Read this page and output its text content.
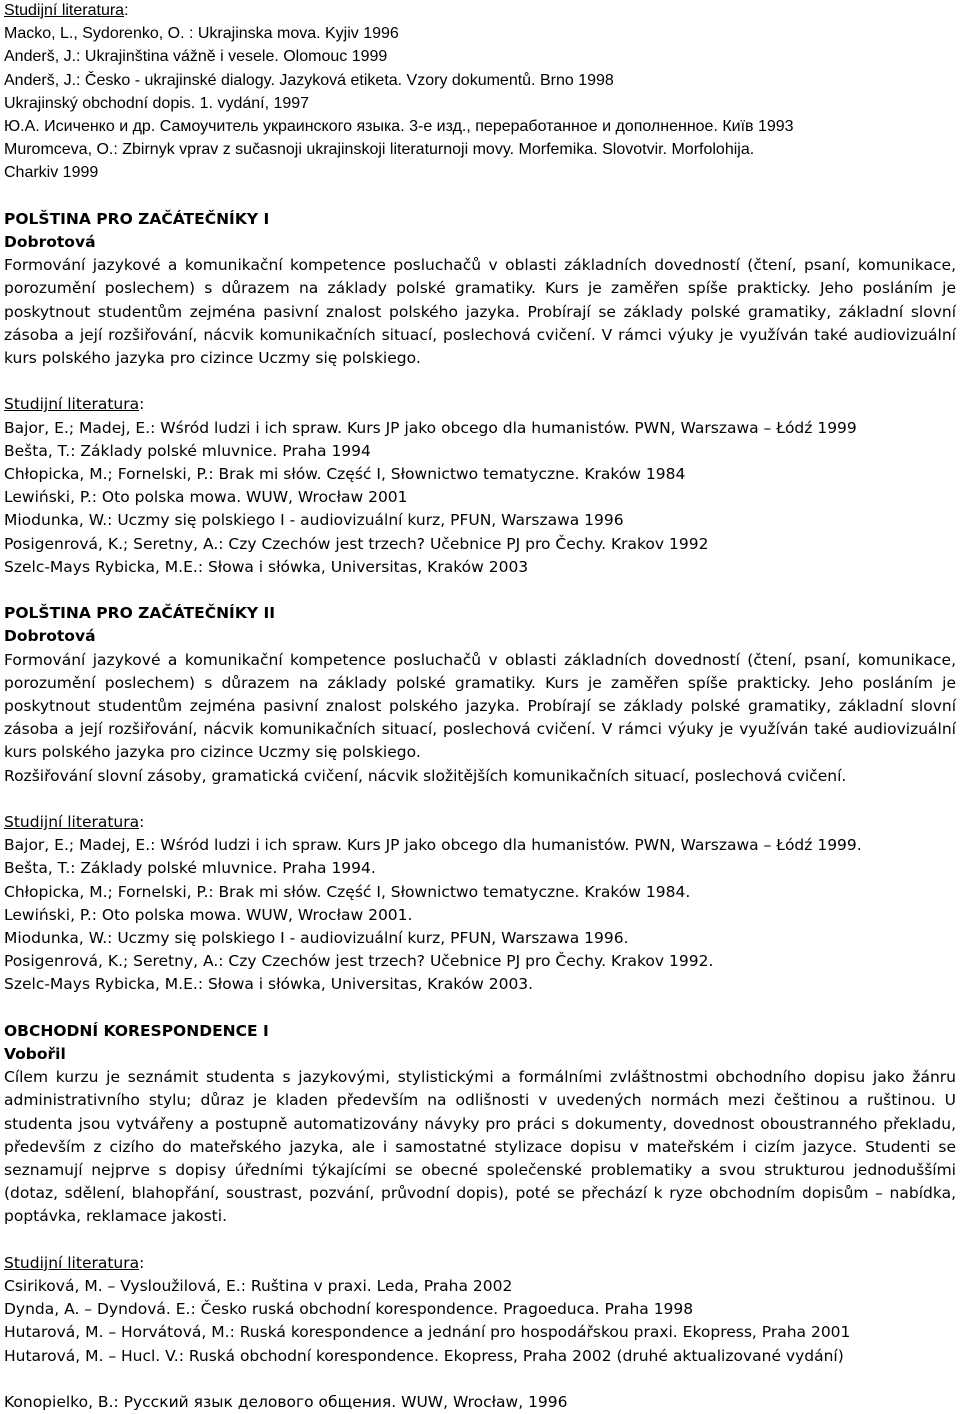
Studijní literatura:
Macko, L., Sydorenko, O. : Ukrajinska mova. Kyjiv 1996
Anderš, J.: Ukrajinština vážně i vesele. Olomouc 1999
Anderš, J.: Česko - ukrajinské dialogy. Jazyková etiketa. Vzory dokumentů. Brno 1998
Ukrajinský obchodní dopis. 1. vydání, 1997
Ю.А. Исиченко и др. Самоучитель украинского языка. 3-е изд., переработанное и дополненное. Київ 1993
Muromceva, O.: Zbirnyk vprav z sučasnoji ukrajinskoji literaturnoji movy. Morfemika. Slovotvir. Morfolohija.
Charkiv 1999
POLŠTINA PRO ZAČÁTEČNÍKY I
Dobrotová
Formování jazykové a komunikační kompetence posluchačů v oblasti základních dovedností (čtení, psaní, komunikace, porozumění poslechem) s důrazem na základy polské gramatiky. Kurs je zaměřen spíše prakticky. Jeho posláním je poskytnout studentům zejména pasivní znalost polského jazyka. Probírají se základy polské gramatiky, základní slovní zásoba a její rozšiřování, nácvik komunikačních situací, poslechová cvičení. V rámci výuky je využíván také audiovizuální kurs polského jazyka pro cizince Uczmy się polskiego.
Studijní literatura:
Bajor, E.; Madej, E.: Wśród ludzi i ich spraw. Kurs JP jako obcego dla humanistów. PWN, Warszawa – Łódź 1999
Bešta, T.: Základy polské mluvnice. Praha 1994
Chłopicka, M.; Fornelski, P.: Brak mi słów. Część I, Słownictwo tematyczne. Kraków 1984
Lewiński, P.: Oto polska mowa. WUW, Wrocław 2001
Miodunka, W.: Uczmy się polskiego I - audiovizuální kurz, PFUN, Warszawa 1996
Posigenrová, K.; Seretny, A.: Czy Czechów jest trzech? Učebnice PJ pro Čechy. Krakov 1992
Szelc-Mays Rybicka, M.E.: Słowa i słówka, Universitas, Kraków 2003
POLŠTINA PRO ZAČÁTEČNÍKY II
Dobrotová
Formování jazykové a komunikační kompetence posluchačů v oblasti základních dovedností (čtení, psaní, komunikace, porozumění poslechem) s důrazem na základy polské gramatiky. Kurs je zaměřen spíše prakticky. Jeho posláním je poskytnout studentům zejména pasivní znalost polského jazyka. Probírají se základy polské gramatiky, základní slovní zásoba a její rozšiřování, nácvik komunikačních situací, poslechová cvičení. V rámci výuky je využíván také audiovizuální kurs polského jazyka pro cizince Uczmy się polskiego.
Rozšiřování slovní zásoby, gramatická cvičení, nácvik složitějších komunikačních situací, poslechová cvičení.
Studijní literatura:
Bajor, E.; Madej, E.: Wśród ludzi i ich spraw. Kurs JP jako obcego dla humanistów. PWN, Warszawa – Łódź 1999.
Bešta, T.: Základy polské mluvnice. Praha 1994.
Chłopicka, M.; Fornelski, P.: Brak mi słów. Część I, Słownictwo tematyczne. Kraków 1984.
Lewiński, P.: Oto polska mowa. WUW, Wrocław 2001.
Miodunka, W.: Uczmy się polskiego I - audiovizuální kurz, PFUN, Warszawa 1996.
Posigenrová, K.; Seretny, A.: Czy Czechów jest trzech? Učebnice PJ pro Čechy. Krakov 1992.
Szelc-Mays Rybicka, M.E.: Słowa i słówka, Universitas, Kraków 2003.
OBCHODNÍ KORESPONDENCE I
Vobořil
Cílem kurzu je seznámit studenta s jazykovými, stylistickými a formálními zvláštnostmi obchodního dopisu jako žánru administrativního stylu; důraz je kladen především na odlišnosti v uvedených normách mezi češtinou a ruštinou. U studenta jsou vytvářeny a postupně automatizovány návyky pro práci s dokumenty, dovednost oboustranného překladu, především z cizího do mateřského jazyka, ale i samostatné stylizace dopisu v mateřském i cizím jazyce. Studenti se seznamují nejprve s dopisy úředními týkajícími se obecné společenské problematiky a svou strukturou jednoduššími (dotaz, sdělení, blahopřání, soustrast, pozvání, průvodní dopis), poté se přechází k ryze obchodním dopisům – nabídka, poptávka, reklamace jakosti.
Studijní literatura:
Csiriková, M. – Vysloužilová, E.: Ruština v praxi. Leda, Praha 2002
Dynda, A. – Dyndová. E.: Česko ruská obchodní korespondence. Pragoeduca. Praha 1998
Hutarová, M. – Horvátová, M.: Ruská korespondence a jednání pro hospodářskou praxi. Ekopress, Praha 2001
Hutarová, M. – Hucl. V.: Ruská obchodní korespondence. Ekopress, Praha 2002 (druhé aktualizované vydání)
Konopielko, B.: Русский язык делового общения. WUW, Wrocław, 1996
